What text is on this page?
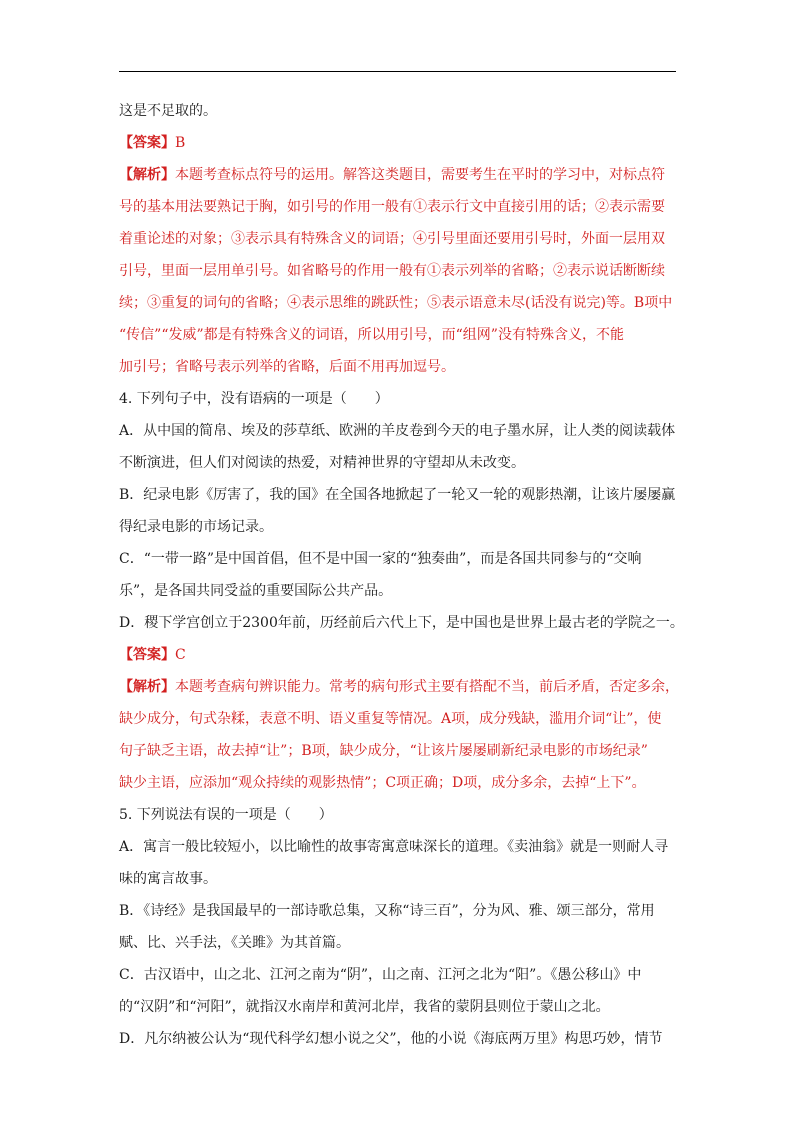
这是不足取的。
【答案】B
【解析】本题考查标点符号的运用。解答这类题目，需要考生在平时的学习中，对标点符
号的基本用法要熟记于胸，如引号的作用一般有①表示行文中直接引用的话；②表示需要
着重论述的对象；③表示具有特殊含义的词语；④引号里面还要用引号时，外面一层用双
引号，里面一层用单引号。如省略号的作用一般有①表示列举的省略；②表示说话断断续
续；③重复的词句的省略；④表示思维的跳跃性；⑤表示语意未尽(话没有说完)等。B项中
“传信”“发威”都是有特殊含义的词语，所以用引号，而“组网”没有特殊含义，不能
加引号；省略号表示列举的省略，后面不用再加逗号。
4. 下列句子中，没有语病的一项是（　　）
A．从中国的简帛、埃及的莎草纸、欧洲的羊皮卷到今天的电子墨水屏，让人类的阅读载体
不断演进，但人们对阅读的热爱，对精神世界的守望却从未改变。
B．纪录电影《厉害了，我的国》在全国各地掀起了一轮又一轮的观影热潮，让该片屡屡赢
得纪录电影的市场记录。
C．“一带一路”是中国首倡，但不是中国一家的“独奏曲”，而是各国共同参与的“交响
乐”，是各国共同受益的重要国际公共产品。
D．稷下学宫创立于2300年前，历经前后六代上下，是中国也是世界上最古老的学院之一。
【答案】C
【解析】本题考查病句辨识能力。常考的病句形式主要有搭配不当，前后矛盾，否定多余，
缺少成分，句式杂糅，表意不明、语义重复等情况。A项，成分残缺，滥用介词“让”，使
句子缺乏主语，故去掉“让”；B项，缺少成分，“让该片屡屡刷新纪录电影的市场纪录”
缺少主语，应添加“观众持续的观影热情”；C项正确；D项，成分多余，去掉“上下”。
5. 下列说法有误的一项是（　　）
A．寓言一般比较短小，以比喻性的故事寄寓意味深长的道理。《卖油翁》就是一则耐人寻
味的寓言故事。
B．《诗经》是我国最早的一部诗歌总集，又称“诗三百”，分为风、雅、颂三部分，常用
赋、比、兴手法，《关雎》为其首篇。
C．古汉语中，山之北、江河之南为“阴”，山之南、江河之北为“阳”。《愚公移山》中
的“汉阴”和“河阳”，就指汉水南岸和黄河北岸，我省的蒙阴县则位于蒙山之北。
D．凡尔纳被公认为“现代科学幻想小说之父”，他的小说《海底两万里》构思巧妙，情节
